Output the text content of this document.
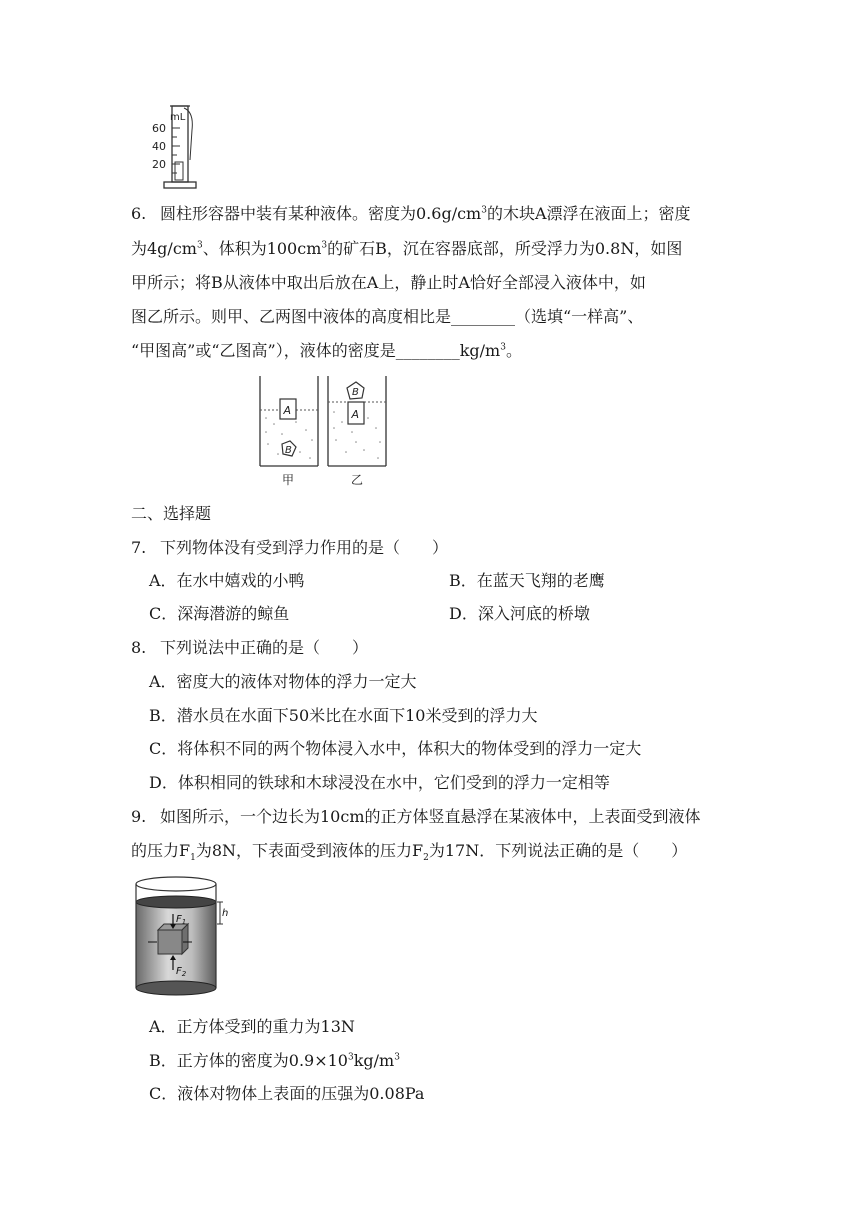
60
40
20
mL
6. 圆柱形容器中装有某种液体。密度为$0.6g/cm^3$的木块A漂浮在液面上；密度
为$4g/cm^3$、体积为$100cm^3$的矿石B，沉在容器底部，所受浮力为0.8N，如图
甲所示；将B从液体中取出后放在A上，静止时A恰好全部浸入液体中，如
图乙所示。则甲、乙两图中液体的高度相比是________（选填“一样高”、
“甲图高”或“乙图高”），液体的密度是$\_\_\_\_\_\_\_\_kg/m^3$。
A
B
甲
A
B
乙
二、选择题
7. 下列物体没有受到浮力作用的是（　　）
A．在水中嬉戏的小鸭	B．在蓝天飞翔的老鹰
C．深海潜游的鲸鱼	D．深入河底的桥墩
8. 下列说法中正确的是（　　）
A．密度大的液体对物体的浮力一定大
B．潜水员在水面下50米比在水面下10米受到的浮力大
C．将体积不同的两个物体浸入水中，体积大的物体受到的浮力一定大
D．体积相同的铁球和木球浸没在水中，它们受到的浮力一定相等
9. 如图所示，一个边长为10cm的正方体竖直悬浮在某液体中，上表面受到液体
的压力$F_1$为8N，下表面受到液体的压力$F_2$为17N．下列说法正确的是（　　）
$F_1$
$F_2$
h
A．正方体受到的重力为13N
B．正方体的密度为$0.9\times 10^3kg/m^3$
C．液体对物体上表面的压强为0.08Pa
